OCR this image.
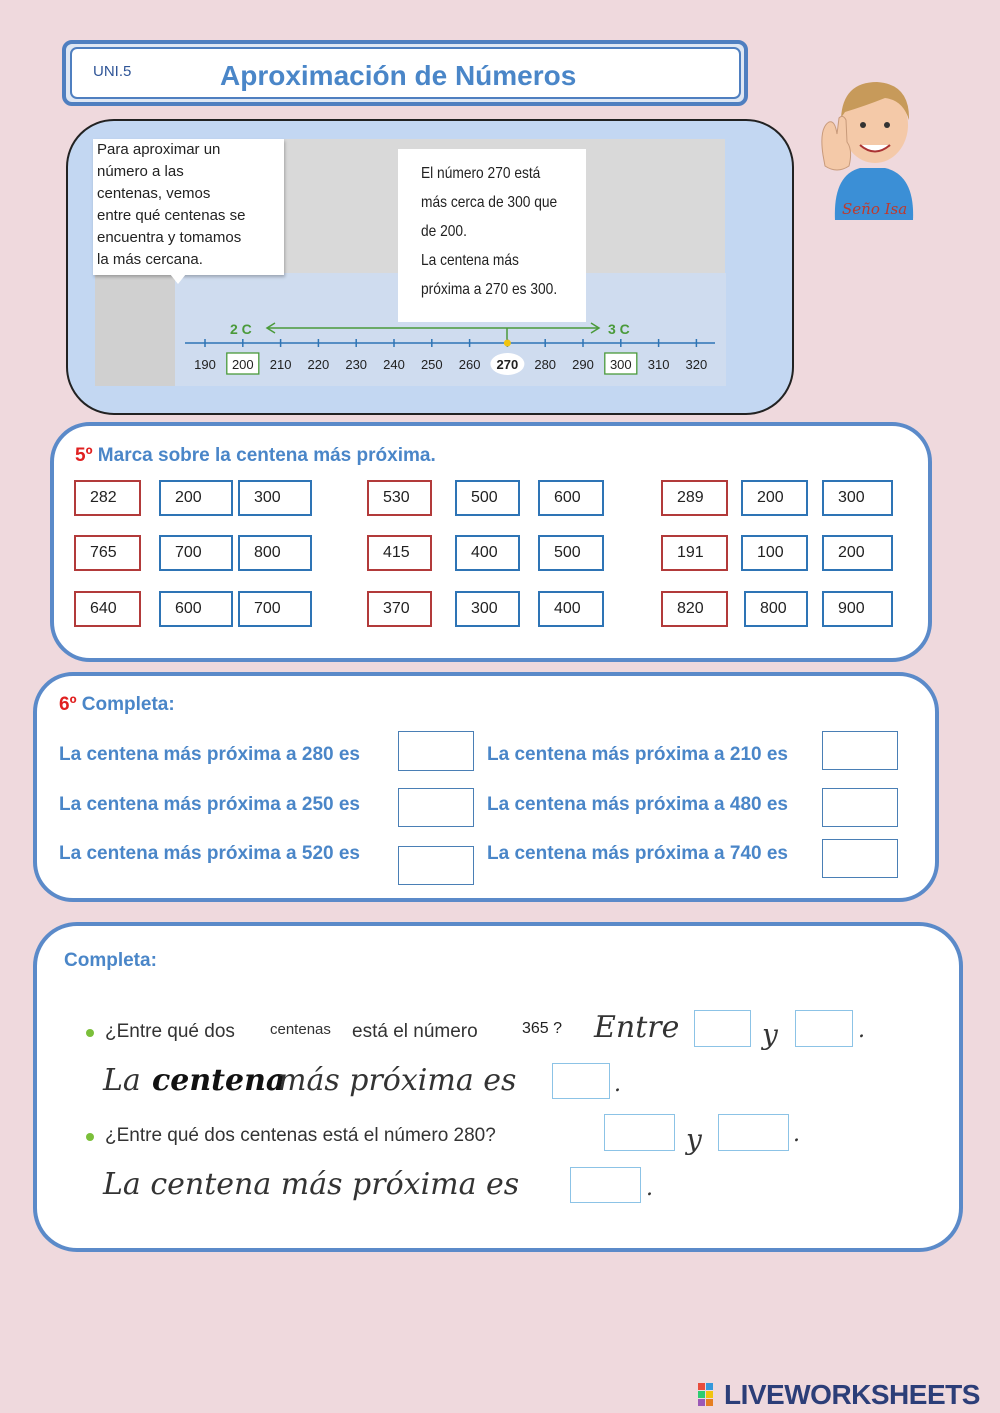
UNI.5	Aproximación de Números
Seño Isa
Para aproximar un
número a las
centenas, vemos
entre qué centenas se
encuentra y tomamos
la más cercana.
El número 270 está
más cerca de 300 que
de 200.
La centena más
próxima a 270 es 300.
2 C	3 C
190 200 210 220 230 240 250 260 270 280 290 300 310 320
5º Marca sobre la centena más próxima.
282	200	300	530	500	600	289	200	300
765	700	800	415	400	500	191	100	200
640	600	700	370	300	400	820	800	900
6º Completa:
La centena más próxima a 280 es	La centena más próxima a 210 es
La centena más próxima a 250 es	La centena más próxima a 480 es
La centena más próxima a 520 es	La centena más próxima a 740 es
Completa:
¿Entre qué dos centenas está el número	365 ? Entre	y	.
La centena
más próxima es	.
¿Entre qué dos centenas está el número 280?	y	.
La centena más próxima es	.
LIVEWORKSHEETS
